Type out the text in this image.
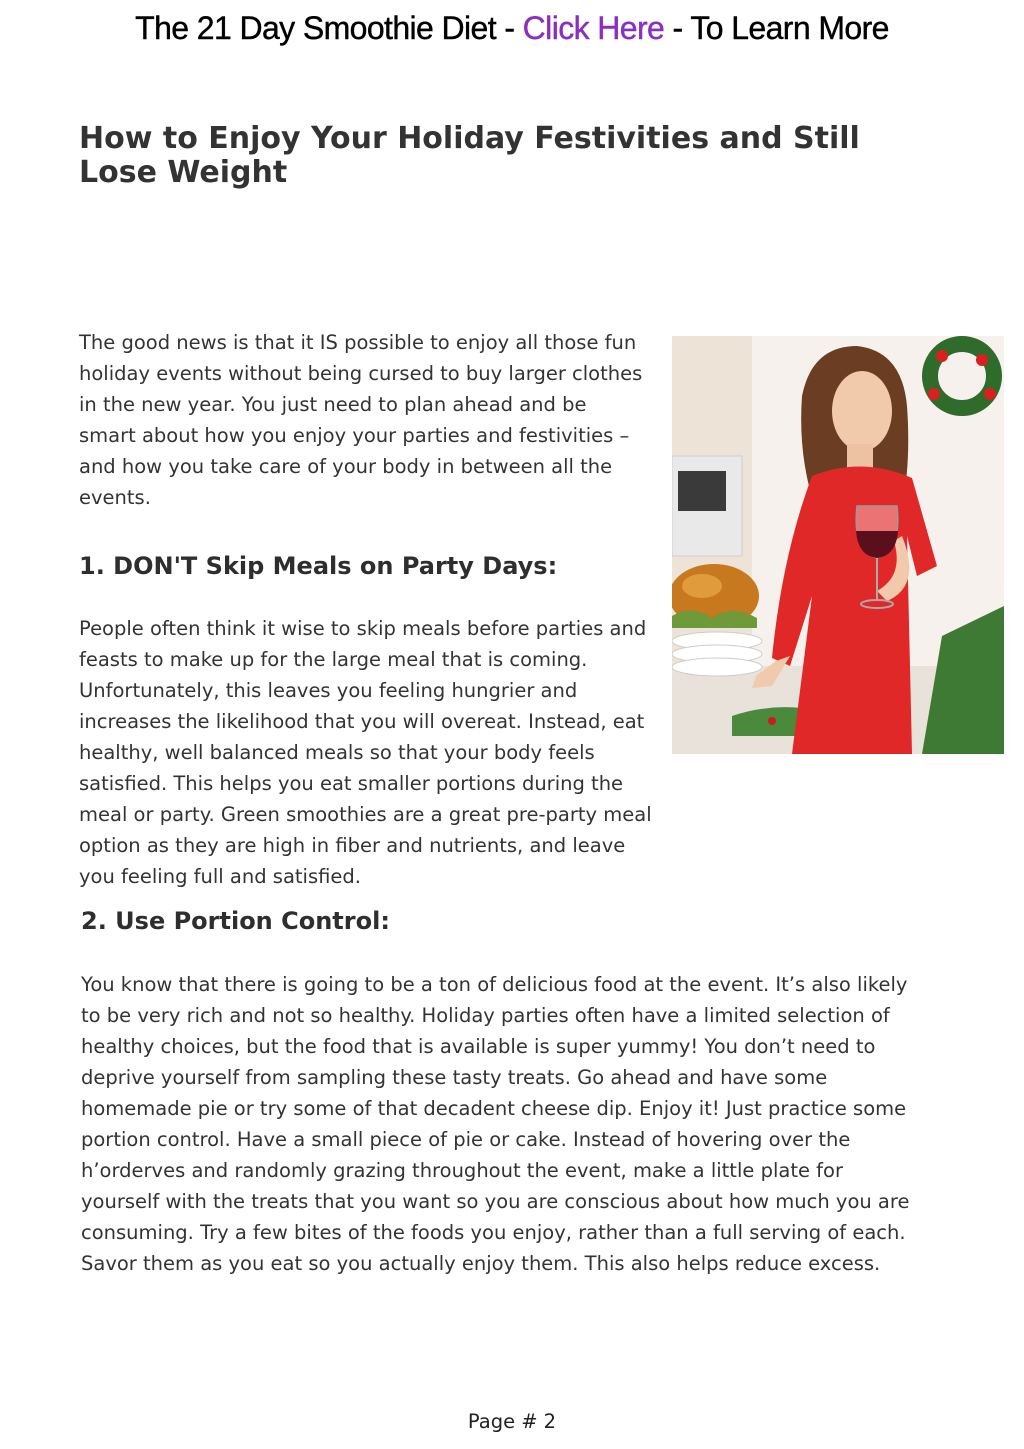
The 21 Day Smoothie Diet - Click Here - To Learn More
How to Enjoy Your Holiday Festivities and Still Lose Weight

The good news is that it IS possible to enjoy all those fun holiday events without being cursed to buy larger clothes in the new year. You just need to plan ahead and be smart about how you enjoy your parties and festivities – and how you take care of your body in between all the events.

1. DON'T Skip Meals on Party Days:

People often think it wise to skip meals before parties and feasts to make up for the large meal that is coming. Unfortunately, this leaves you feeling hungrier and increases the likelihood that you will overeat. Instead, eat healthy, well balanced meals so that your body feels satisfied. This helps you eat smaller portions during the meal or party. Green smoothies are a great pre-party meal option as they are high in fiber and nutrients, and leave you feeling full and satisfied.

2. Use Portion Control:

You know that there is going to be a ton of delicious food at the event. It’s also likely to be very rich and not so healthy. Holiday parties often have a limited selection of healthy choices, but the food that is available is super yummy! You don’t need to deprive yourself from sampling these tasty treats. Go ahead and have some homemade pie or try some of that decadent cheese dip. Enjoy it! Just practice some portion control. Have a small piece of pie or cake. Instead of hovering over the h’orderves and randomly grazing throughout the event, make a little plate for yourself with the treats that you want so you are conscious about how much you are consuming. Try a few bites of the foods you enjoy, rather than a full serving of each. Savor them as you eat so you actually enjoy them. This also helps reduce excess.

Page # 2
